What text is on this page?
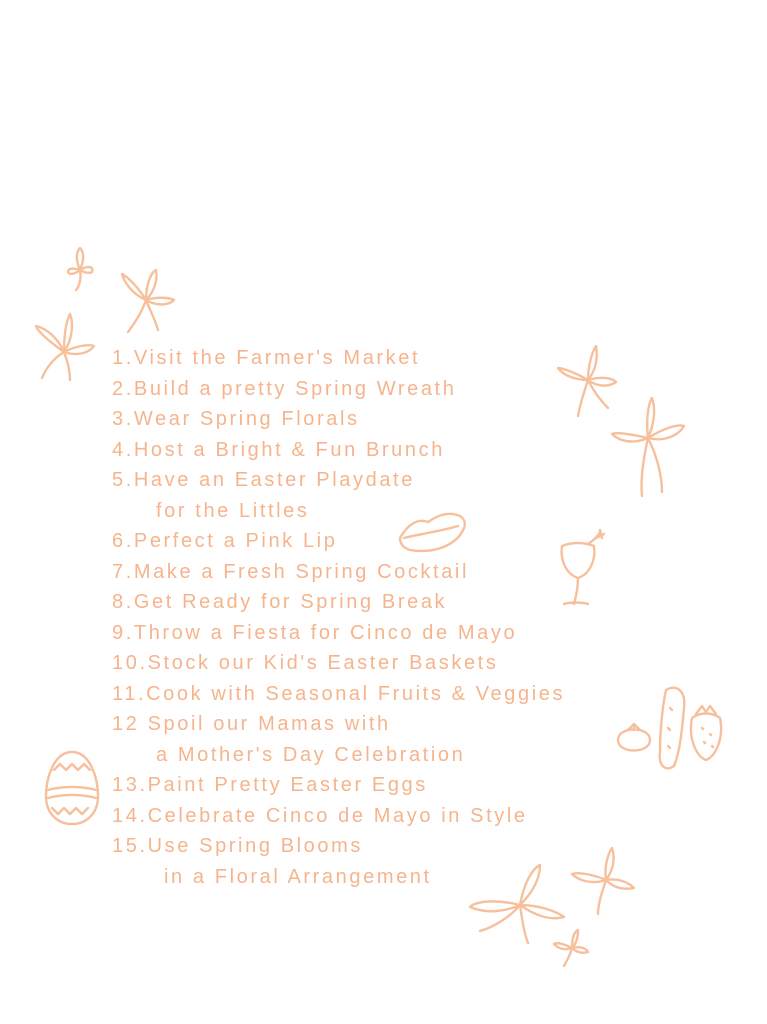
1.Visit the Farmer's Market
2.Build a pretty Spring Wreath
3.Wear Spring Florals
4.Host a Bright & Fun Brunch
5.Have an Easter Playdate
for the Littles
6.Perfect a Pink Lip
7.Make a Fresh Spring Cocktail
8.Get Ready for Spring Break
9.Throw a Fiesta for Cinco de Mayo
10.Stock our Kid's Easter Baskets
11.Cook with Seasonal Fruits & Veggies
12 Spoil our Mamas with
a Mother's Day Celebration
13.Paint Pretty Easter Eggs
14.Celebrate Cinco de Mayo in Style
15.Use Spring Blooms
in a Floral Arrangement
